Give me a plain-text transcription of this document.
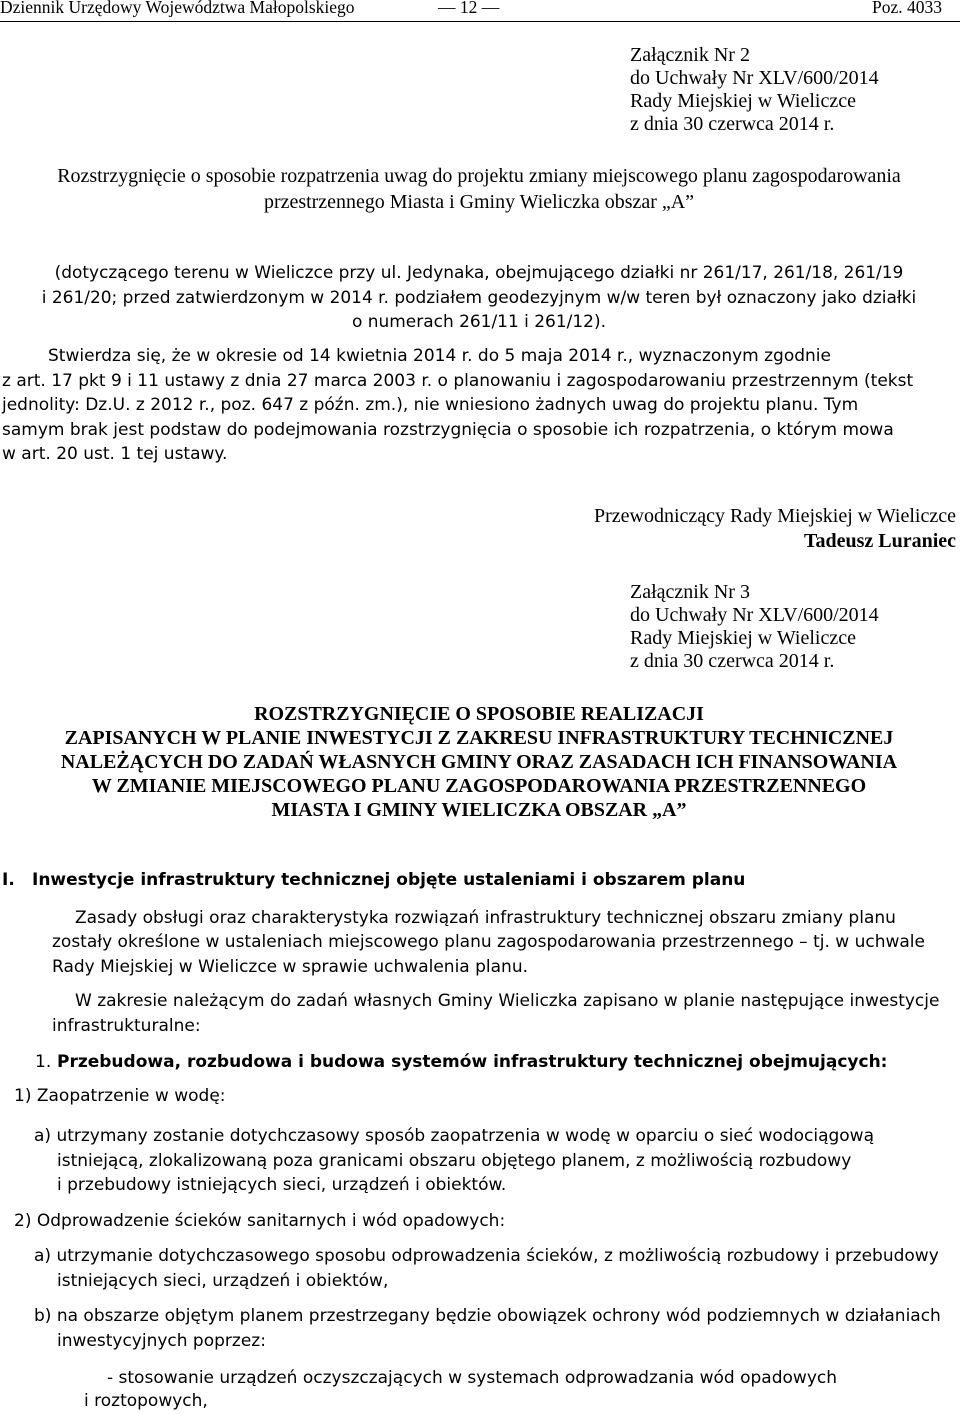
Dziennik Urzędowy Województwa Małopolskiego	— 12 —	Poz. 4033
Załącznik Nr 2
do Uchwały Nr XLV/600/2014
Rady Miejskiej w Wieliczce
z dnia 30 czerwca 2014 r.
Rozstrzygnięcie o sposobie rozpatrzenia uwag do projektu zmiany miejscowego planu zagospodarowania
przestrzennego Miasta i Gminy Wieliczka obszar „A”
(dotyczącego terenu w Wieliczce przy ul. Jedynaka, obejmującego działki nr 261/17, 261/18, 261/19
i 261/20; przed zatwierdzonym w 2014 r. podziałem geodezyjnym w/w teren był oznaczony jako działki
o numerach 261/11 i 261/12).
Stwierdza się, że w okresie od 14 kwietnia 2014 r. do 5 maja 2014 r., wyznaczonym zgodnie
z art. 17 pkt 9 i 11 ustawy z dnia 27 marca 2003 r. o planowaniu i zagospodarowaniu przestrzennym (tekst
jednolity: Dz.U. z 2012 r., poz. 647 z późn. zm.), nie wniesiono żadnych uwag do projektu planu. Tym
samym brak jest podstaw do podejmowania rozstrzygnięcia o sposobie ich rozpatrzenia, o którym mowa
w art. 20 ust. 1 tej ustawy.
Przewodniczący Rady Miejskiej w Wieliczce
Tadeusz Luraniec
Załącznik Nr 3
do Uchwały Nr XLV/600/2014
Rady Miejskiej w Wieliczce
z dnia 30 czerwca 2014 r.
ROZSTRZYGNIĘCIE O SPOSOBIE REALIZACJI
ZAPISANYCH W PLANIE INWESTYCJI Z ZAKRESU INFRASTRUKTURY TECHNICZNEJ
NALEŻĄCYCH DO ZADAŃ WŁASNYCH GMINY ORAZ ZASADACH ICH FINANSOWANIA
W ZMIANIE MIEJSCOWEGO PLANU ZAGOSPODAROWANIA PRZESTRZENNEGO
MIASTA I GMINY WIELICZKA OBSZAR „A”
I. Inwestycje infrastruktury technicznej objęte ustaleniami i obszarem planu
Zasady obsługi oraz charakterystyka rozwiązań infrastruktury technicznej obszaru zmiany planu
zostały określone w ustaleniach miejscowego planu zagospodarowania przestrzennego – tj. w uchwale
Rady Miejskiej w Wieliczce w sprawie uchwalenia planu.
W zakresie należącym do zadań własnych Gminy Wieliczka zapisano w planie następujące inwestycje
infrastrukturalne:
1. Przebudowa, rozbudowa i budowa systemów infrastruktury technicznej obejmujących:
1) Zaopatrzenie w wodę:
a) utrzymany zostanie dotychczasowy sposób zaopatrzenia w wodę w oparciu o sieć wodociągową
istniejącą, zlokalizowaną poza granicami obszaru objętego planem, z możliwością rozbudowy
i przebudowy istniejących sieci, urządzeń i obiektów.
2) Odprowadzenie ścieków sanitarnych i wód opadowych:
a) utrzymanie dotychczasowego sposobu odprowadzenia ścieków, z możliwością rozbudowy i przebudowy
istniejących sieci, urządzeń i obiektów,
b) na obszarze objętym planem przestrzegany będzie obowiązek ochrony wód podziemnych w działaniach
inwestycyjnych poprzez:
- stosowanie urządzeń oczyszczających w systemach odprowadzania wód opadowych
i roztopowych,
